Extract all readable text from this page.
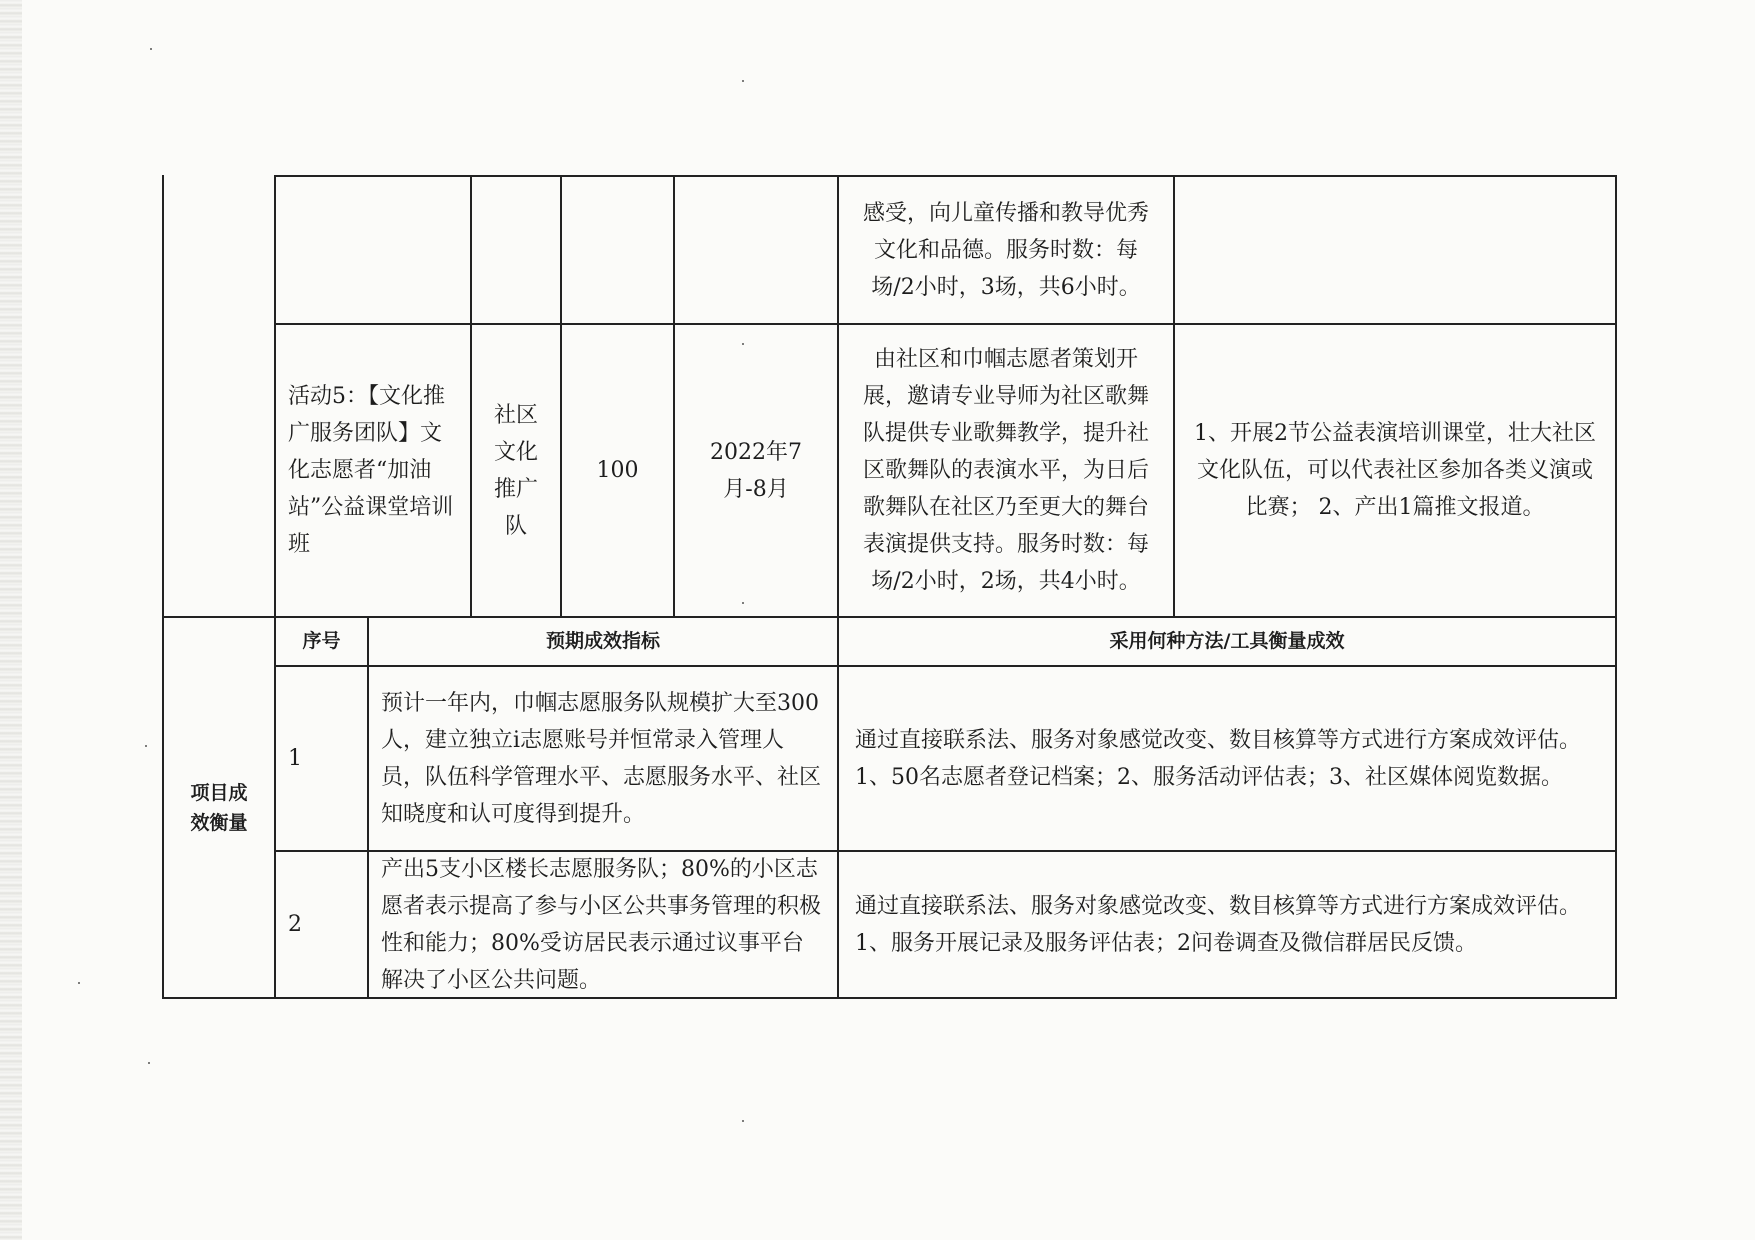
感受，向儿童传播和教导优秀文化和品德。服务时数：每场/2小时，3场，共6小时。
活动5：【文化推广服务团队】文化志愿者“加油站”公益课堂培训班
社区文化推广队
100
2022年7月-8月
由社区和巾帼志愿者策划开展，邀请专业导师为社区歌舞队提供专业歌舞教学，提升社区歌舞队的表演水平，为日后歌舞队在社区乃至更大的舞台表演提供支持。服务时数：每场/2小时，2场，共4小时。
1、开展2节公益表演培训课堂，壮大社区文化队伍，可以代表社区参加各类义演或比赛； 2、产出1篇推文报道。
项目成效衡量
序号	预期成效指标	采用何种方法/工具衡量成效
1
预计一年内，巾帼志愿服务队规模扩大至300人，建立独立i志愿账号并恒常录入管理人员，队伍科学管理水平、志愿服务水平、社区知晓度和认可度得到提升。
通过直接联系法、服务对象感觉改变、数目核算等方式进行方案成效评估。1、50名志愿者登记档案；2、服务活动评估表；3、社区媒体阅览数据。
2
产出5支小区楼长志愿服务队；80%的小区志愿者表示提高了参与小区公共事务管理的积极性和能力；80%受访居民表示通过议事平台解决了小区公共问题。
通过直接联系法、服务对象感觉改变、数目核算等方式进行方案成效评估。1、服务开展记录及服务评估表；2问卷调查及微信群居民反馈。
